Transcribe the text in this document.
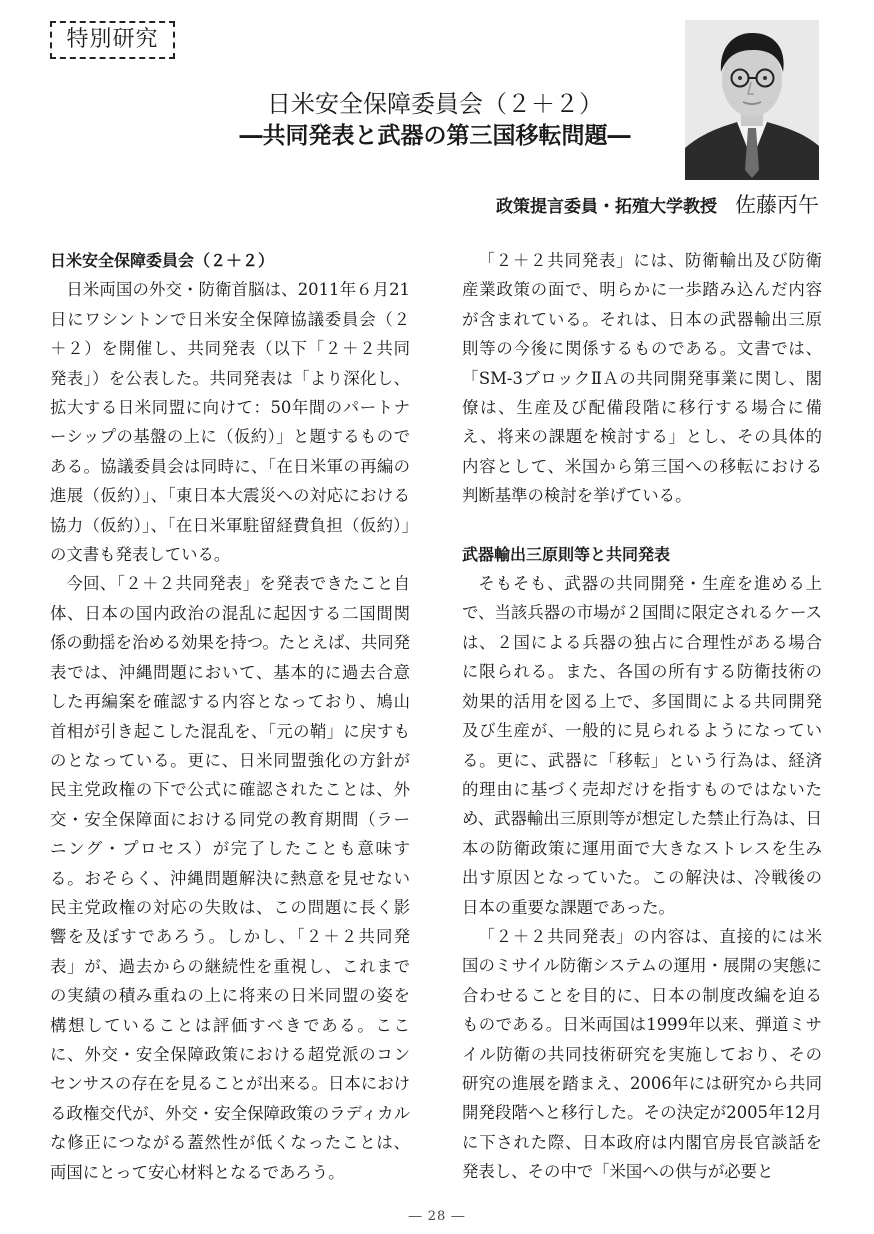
特別研究
日米安全保障委員会（２＋２）
―共同発表と武器の第三国移転問題―
政策提言委員・拓殖大学教授 佐藤丙午
日米安全保障委員会（２＋２）

日米両国の外交・防衛首脳は、2011年６月21日にワシントンで日米安全保障協議委員会（２＋２）を開催し、共同発表（以下「２＋２共同発表」）を公表した。共同発表は「より深化し、拡大する日米同盟に向けて：50年間のパートナーシップの基盤の上に（仮約）」と題するものである。協議委員会は同時に、「在日米軍の再編の進展（仮約）」、「東日本大震災への対応における協力（仮約）」、「在日米軍駐留経費負担（仮約）」の文書も発表している。

今回、「２＋２共同発表」を発表できたこと自体、日本の国内政治の混乱に起因する二国間関係の動揺を治める効果を持つ。たとえば、共同発表では、沖縄問題において、基本的に過去合意した再編案を確認する内容となっており、鳩山首相が引き起こした混乱を、「元の鞘」に戻すものとなっている。更に、日米同盟強化の方針が民主党政権の下で公式に確認されたことは、外交・安全保障面における同党の教育期間（ラーニング・プロセス）が完了したことも意味する。おそらく、沖縄問題解決に熱意を見せない民主党政権の対応の失敗は、この問題に長く影響を及ぼすであろう。しかし、「２＋２共同発表」が、過去からの継続性を重視し、これまでの実績の積み重ねの上に将来の日米同盟の姿を構想していることは評価すべきである。ここに、外交・安全保障政策における超党派のコンセンサスの存在を見ることが出来る。日本における政権交代が、外交・安全保障政策のラディカルな修正につながる蓋然性が低くなったことは、両国にとって安心材料となるであろう。

「２＋２共同発表」には、防衛輸出及び防衛産業政策の面で、明らかに一歩踏み込んだ内容が含まれている。それは、日本の武器輸出三原則等の今後に関係するものである。文書では、「SM-3ブロックⅡＡの共同開発事業に関し、閣僚は、生産及び配備段階に移行する場合に備え、将来の課題を検討する」とし、その具体的内容として、米国から第三国への移転における判断基準の検討を挙げている。

武器輸出三原則等と共同発表

そもそも、武器の共同開発・生産を進める上で、当該兵器の市場が２国間に限定されるケースは、２国による兵器の独占に合理性がある場合に限られる。また、各国の所有する防衛技術の効果的活用を図る上で、多国間による共同開発及び生産が、一般的に見られるようになっている。更に、武器に「移転」という行為は、経済的理由に基づく売却だけを指すものではないため、武器輸出三原則等が想定した禁止行為は、日本の防衛政策に運用面で大きなストレスを生み出す原因となっていた。この解決は、冷戦後の日本の重要な課題であった。

「２＋２共同発表」の内容は、直接的には米国のミサイル防衛システムの運用・展開の実態に合わせることを目的に、日本の制度改編を迫るものである。日米両国は1999年以来、弾道ミサイル防衛の共同技術研究を実施しており、その研究の進展を踏まえ、2006年には研究から共同開発段階へと移行した。その決定が2005年12月に下された際、日本政府は内閣官房長官談話を発表し、その中で「米国への供与が必要と

― 28 ―
